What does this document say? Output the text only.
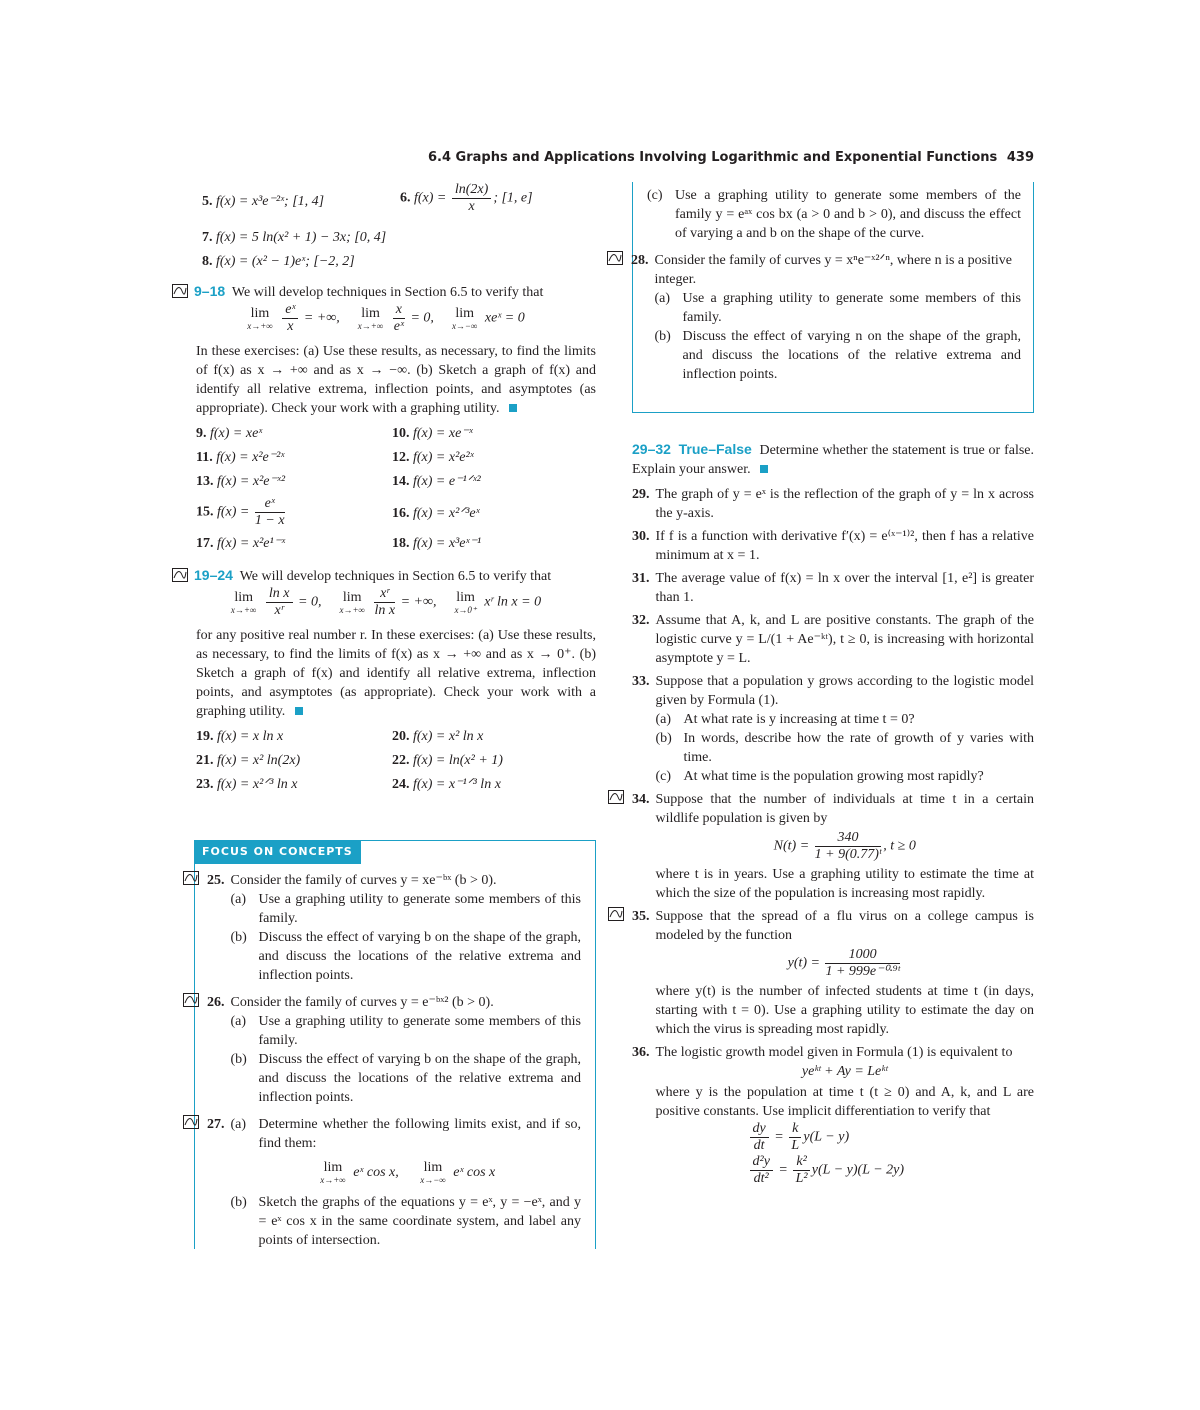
6.4 Graphs and Applications Involving Logarithmic and Exponential Functions 439
5. f(x) = x³e⁻²ˣ; [1, 4]	6. $f(x) = \frac{\ln(2x)}{x}$ ; [1, e]
7. f(x) = 5 ln(x² + 1) − 3x; [0, 4]
8. f(x) = (x² − 1)eˣ; [−2, 2]
9–18 We will develop techniques in Section 6.5 to verify that
lim
x→+∞
$\frac{\text{eˣ}}{x}$ = +∞, lim
x→+∞
$\frac{x}{\text{eˣ}} = 0$, lim
x→−∞ xeˣ = 0

In these exercises: (a) Use these results, as necessary, to find the limits of f(x) as x → +∞ and as x → −∞. (b) Sketch a graph of f(x) and identify all relative extrema, inflection points, and asymptotes (as appropriate). Check your work with a graphing utility.

9. f(x) = xeˣ	10. f(x) = xe⁻ˣ
11. f(x) = x²e⁻²ˣ	12. f(x) = x²e²ˣ
13. f(x) = x²e⁻ˣ²	14. f(x) = e⁻¹ᐟˣ²
15. $f(x) = \frac{\text{eˣ}}{1 - x}$	16. f(x) = x²ᐟ³eˣ
17. f(x) = x²e¹⁻ˣ	18. f(x) = x³eˣ⁻¹
19–24 We will develop techniques in Section 6.5 to verify that
lim
x→+∞
$\frac{\text{ln x}}{\text{xʳ}} = 0$, lim
x→+∞
$\frac{\text{xʳ}}{\text{ln x}}$ = +∞, lim
x→0⁺ xʳ ln x = 0

for any positive real number r. In these exercises: (a) Use these results, as necessary, to find the limits of f(x) as x → +∞ and as x → 0⁺. (b) Sketch a graph of f(x) and identify all relative extrema, inflection points, and asymptotes (as appropriate). Check your work with a graphing utility.

19. f(x) = x ln x	20. f(x) = x² ln x
21. f(x) = x² ln(2x)	22. f(x) = ln(x² + 1)
23. f(x) = x²ᐟ³ ln x	24. f(x) = x⁻¹ᐟ³ ln x
FOCUS ON CONCEPTS
25. Consider the family of curves y = xe⁻ᵇˣ (b > 0).
(a) Use a graphing utility to generate some members of this family.
(b) Discuss the effect of varying b on the shape of the graph, and discuss the locations of the relative extrema and inflection points.
26. Consider the family of curves y = e⁻ᵇˣ² (b > 0).
(a) Use a graphing utility to generate some members of this family.
(b) Discuss the effect of varying b on the shape of the graph, and discuss the locations of the relative extrema and inflection points.
27. (a) Determine whether the following limits exist, and if so, find them:
lim
x→+∞ eˣ cos x, lim
x→−∞ eˣ cos x
(b) Sketch the graphs of the equations y = eˣ, y = −eˣ, and y = eˣ cos x in the same coordinate system, and label any points of intersection.
(c) Use a graphing utility to generate some members of the family y = eᵃˣ cos bx (a > 0 and b > 0), and discuss the effect of varying a and b on the shape of the curve.
28. Consider the family of curves y = xⁿe⁻ˣ²ᐟⁿ, where n is a positive integer.
(a) Use a graphing utility to generate some members of this family.
(b) Discuss the effect of varying n on the shape of the graph, and discuss the locations of the relative extrema and inflection points.

29–32 True–False Determine whether the statement is true or false. Explain your answer.

29. The graph of y = eˣ is the reflection of the graph of y = ln x across the y-axis.
30. If f is a function with derivative f′(x) = e⁽ˣ⁻¹⁾², then f has a relative minimum at x = 1.
31. The average value of f(x) = ln x over the interval [1, e²] is greater than 1.
32. Assume that A, k, and L are positive constants. The graph of the logistic curve y = L/(1 + Ae⁻ᵏᵗ), t ≥ 0, is increasing with horizontal asymptote y = L.
33. Suppose that a population y grows according to the logistic model given by Formula (1).
(a) At what rate is y increasing at time t = 0?
(b) In words, describe how the rate of growth of y varies with time.
(c) At what time is the population growing most rapidly?
34. Suppose that the number of individuals at time t in a certain wildlife population is given by
$N(t) = \frac{340}{\text{1 + 9(0.77)ᵗ}}$ , t ≥ 0
where t is in years. Use a graphing utility to estimate the time at which the size of the population is increasing most rapidly.
35. Suppose that the spread of a flu virus on a college campus is modeled by the function
$y(t) = \frac{1000}{\text{1 + 999e⁻⁰·⁹ᵗ}}$
where y(t) is the number of infected students at time t (in days, starting with t = 0). Use a graphing utility to estimate the day on which the virus is spreading most rapidly.
36. The logistic growth model given in Formula (1) is equivalent to
yeᵏᵗ + Ay = Leᵏᵗ
where y is the population at time t (t ≥ 0) and A, k, and L are positive constants. Use implicit differentiation to verify that
$\frac{dy}{dt} = \frac{k}{L} y(L - y)$
$\frac{\text{d²y}}{\text{dt²}} = \frac{\text{k²}}{\text{L²}} y(L - y)(L - 2y)$
